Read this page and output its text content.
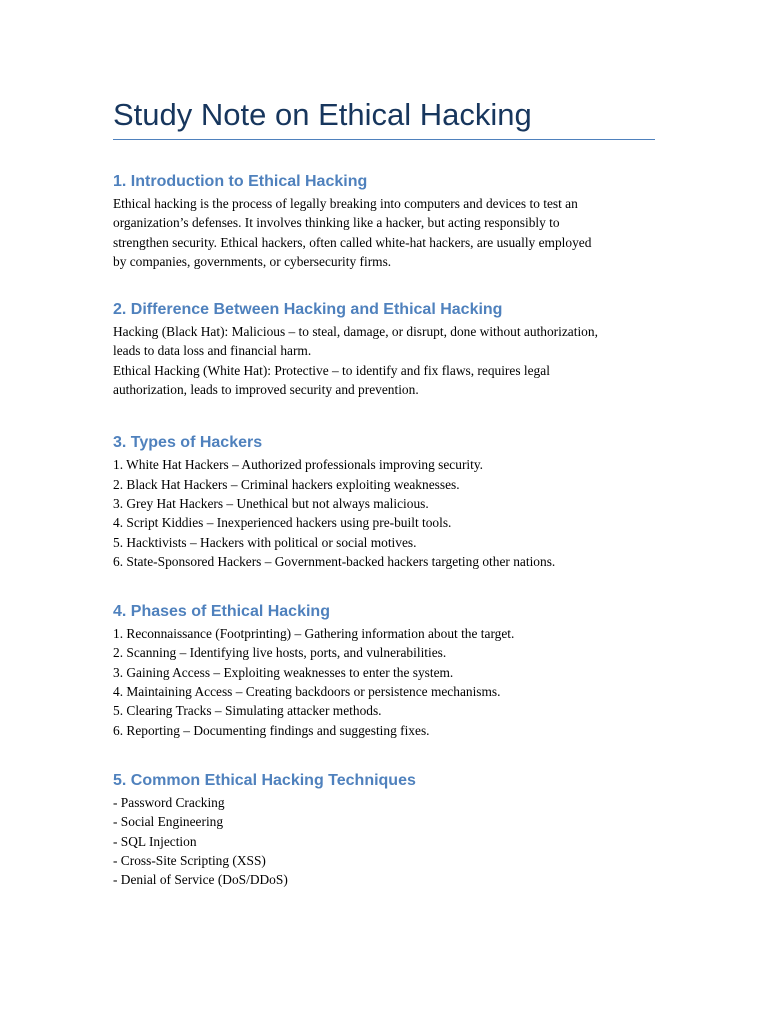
Study Note on Ethical Hacking
1. Introduction to Ethical Hacking

Ethical hacking is the process of legally breaking into computers and devices to test an

organization’s defenses. It involves thinking like a hacker, but acting responsibly to

strengthen security. Ethical hackers, often called white-hat hackers, are usually employed

by companies, governments, or cybersecurity firms.

2. Difference Between Hacking and Ethical Hacking

Hacking (Black Hat): Malicious – to steal, damage, or disrupt, done without authorization,

leads to data loss and financial harm.

Ethical Hacking (White Hat): Protective – to identify and fix flaws, requires legal

authorization, leads to improved security and prevention.

3. Types of Hackers
1. White Hat Hackers – Authorized professionals improving security.
2. Black Hat Hackers – Criminal hackers exploiting weaknesses.
3. Grey Hat Hackers – Unethical but not always malicious.
4. Script Kiddies – Inexperienced hackers using pre-built tools.
5. Hacktivists – Hackers with political or social motives.
6. State-Sponsored Hackers – Government-backed hackers targeting other nations.
4. Phases of Ethical Hacking
1. Reconnaissance (Footprinting) – Gathering information about the target.
2. Scanning – Identifying live hosts, ports, and vulnerabilities.
3. Gaining Access – Exploiting weaknesses to enter the system.
4. Maintaining Access – Creating backdoors or persistence mechanisms.
5. Clearing Tracks – Simulating attacker methods.
6. Reporting – Documenting findings and suggesting fixes.
5. Common Ethical Hacking Techniques
- Password Cracking
- Social Engineering
- SQL Injection
- Cross-Site Scripting (XSS)
- Denial of Service (DoS/DDoS)
